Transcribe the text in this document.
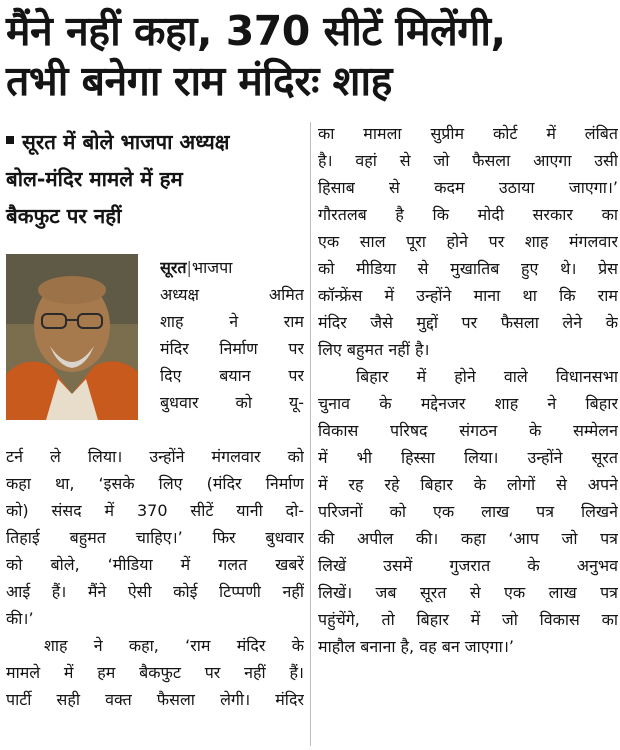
मैंने नहीं कहा, 370 सीटें मिलेंगी,
तभी बनेगा राम मंदिरः शाह
सूरत में बोले भाजपा अध्यक्ष
बोल-मंदिर मामले में हम
बैकफुट पर नहीं
सूरत|भाजपा
अध्यक्ष अमित
शाह ने राम
मंदिर निर्माण पर
दिए बयान पर
बुधवार को यू-
टर्न ले लिया। उन्होंने मंगलवार को
कहा था, ‘इसके लिए (मंदिर निर्माण
को) संसद में 370 सीटें यानी दो-
तिहाई बहुमत चाहिए।’ फिर बुधवार
को बोले, ‘मीडिया में गलत खबरें
आई हैं। मैंने ऐसी कोई टिप्पणी नहीं
की।’
शाह ने कहा, ‘राम मंदिर के
मामले में हम बैकफुट पर नहीं हैं।
पार्टी सही वक्त फैसला लेगी। मंदिर
का मामला सुप्रीम कोर्ट में लंबित
है। वहां से जो फैसला आएगा उसी
हिसाब से कदम उठाया जाएगा।’
गौरतलब है कि मोदी सरकार का
एक साल पूरा होने पर शाह मंगलवार
को मीडिया से मुखातिब हुए थे। प्रेस
कॉन्फ्रेंस में उन्होंने माना था कि राम
मंदिर जैसे मुद्दों पर फैसला लेने के
लिए बहुमत नहीं है।
बिहार में होने वाले विधानसभा
चुनाव के मद्देनजर शाह ने बिहार
विकास परिषद संगठन के सम्मेलन
में भी हिस्सा लिया। उन्होंने सूरत
में रह रहे बिहार के लोगों से अपने
परिजनों को एक लाख पत्र लिखने
की अपील की। कहा ‘आप जो पत्र
लिखें उसमें गुजरात के अनुभव
लिखें। जब सूरत से एक लाख पत्र
पहुंचेंगे, तो बिहार में जो विकास का
माहौल बनाना है, वह बन जाएगा।’
